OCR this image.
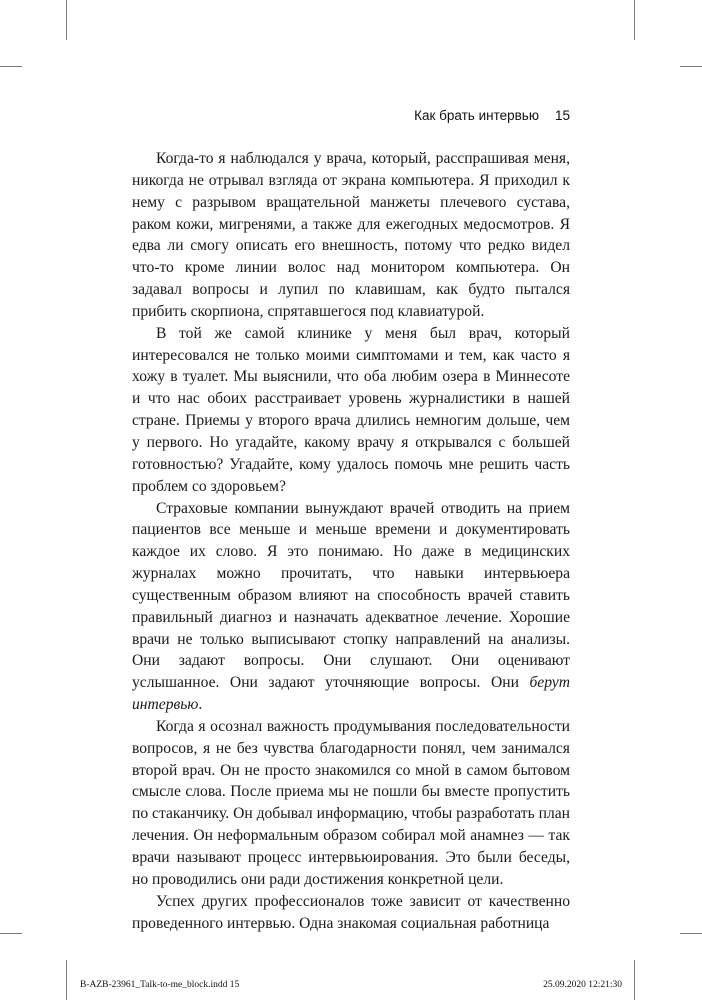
Как брать интервью 15

Когда-то я наблюдался у врача, который, расспрашивая меня, никогда не отрывал взгляда от экрана компьютера. Я приходил к нему с разрывом вращательной манжеты плечевого сустава, раком кожи, мигренями, а также для ежегодных медосмотров. Я едва ли смогу описать его внешность, потому что редко видел что-то кроме линии волос над монитором компьютера. Он задавал вопросы и лупил по клавишам, как будто пытался прибить скорпиона, спрятавшегося под клавиатурой.

В той же самой клинике у меня был врач, который интересовался не только моими симптомами и тем, как часто я хожу в туалет. Мы выяснили, что оба любим озера в Миннесоте и что нас обоих расстраивает уровень журналистики в нашей стране. Приемы у второго врача длились немногим дольше, чем у первого. Но угадайте, какому врачу я открывался с большей готовностью? Угадайте, кому удалось помочь мне решить часть проблем со здоровьем?

Страховые компании вынуждают врачей отводить на прием пациентов все меньше и меньше времени и документировать каждое их слово. Я это понимаю. Но даже в медицинских журналах можно прочитать, что навыки интервьюера существенным образом влияют на способность врачей ставить правильный диагноз и назначать адекватное лечение. Хорошие врачи не только выписывают стопку направлений на анализы. Они задают вопросы. Они слушают. Они оценивают услышанное. Они задают уточняющие вопросы. Они берут интервью.

Когда я осознал важность продумывания последовательности вопросов, я не без чувства благодарности понял, чем занимался второй врач. Он не просто знакомился со мной в самом бытовом смысле слова. После приема мы не пошли бы вместе пропустить по стаканчику. Он добывал информацию, чтобы разработать план лечения. Он неформальным образом собирал мой анамнез — так врачи называют процесс интервьюирования. Это были беседы, но проводились они ради достижения конкретной цели.

Успех других профессионалов тоже зависит от качественно проведенного интервью. Одна знакомая социальная работница

B-AZB-23961_Talk-to-me_block.indd 15	25.09.2020 12:21:30
